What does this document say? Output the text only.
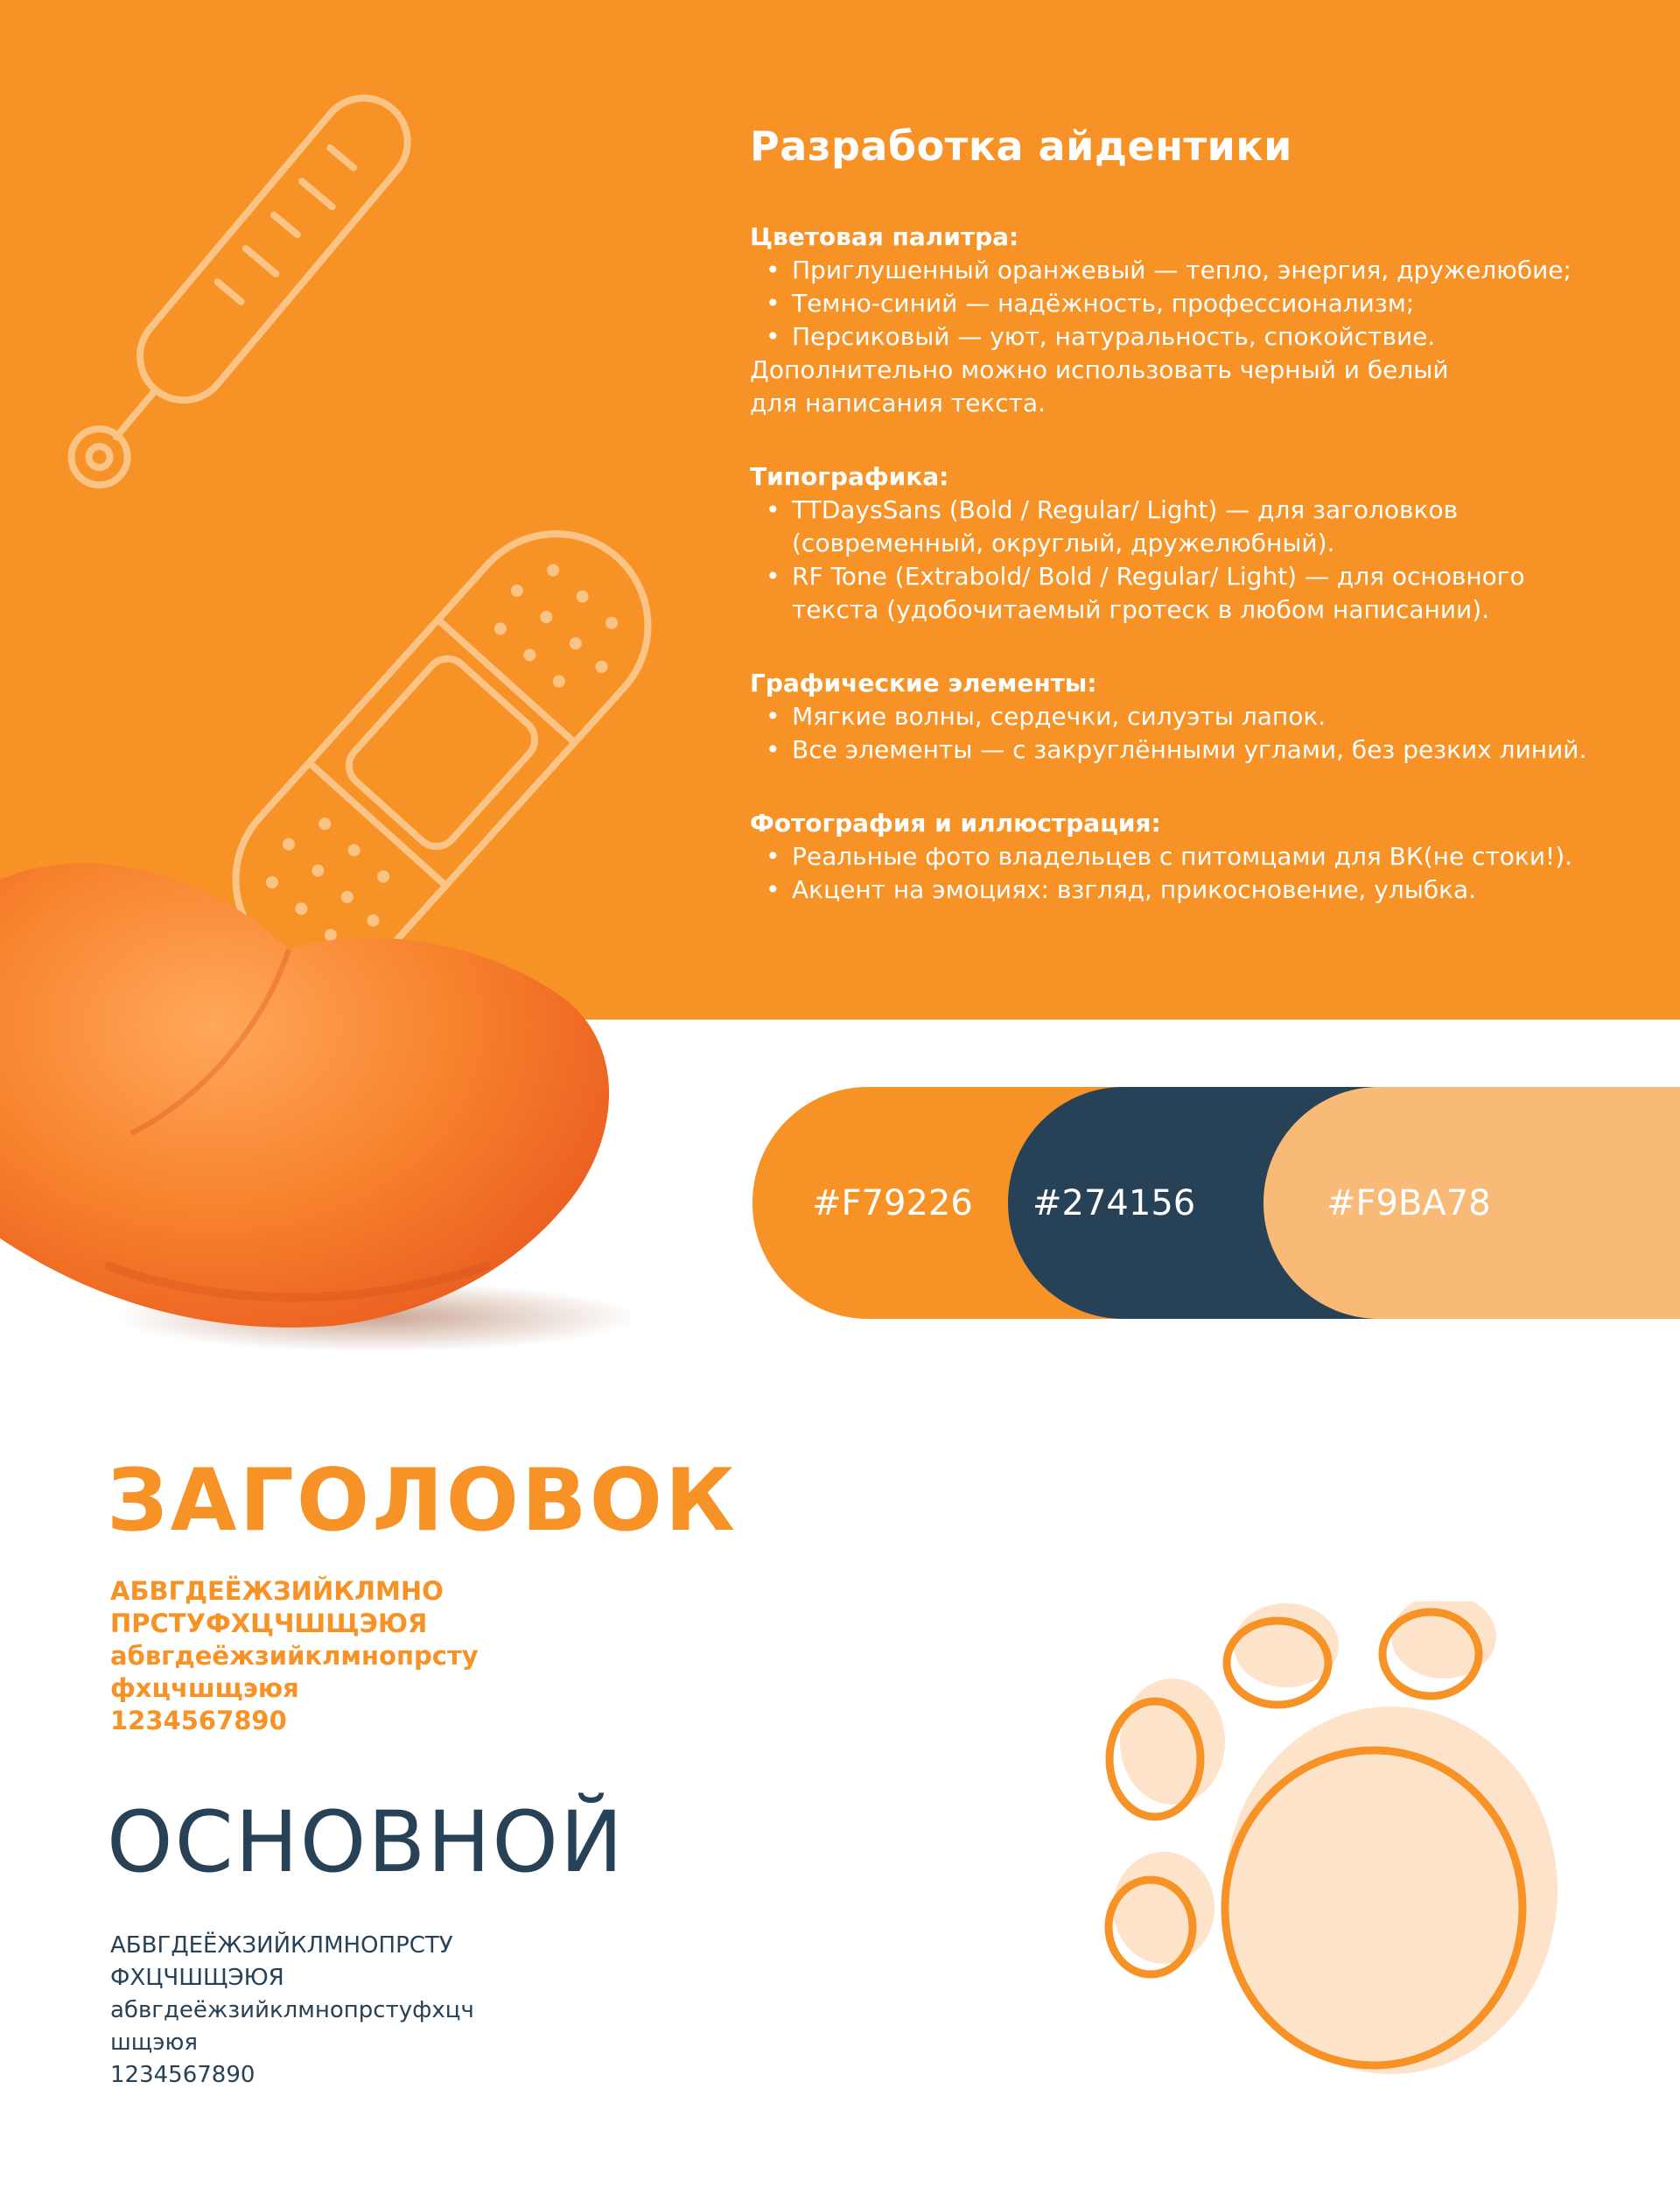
Разработка айдентики
Цветовая палитра:
• Приглушенный оранжевый — тепло, энергия, дружелюбие;
• Темно-синий — надёжность, профессионализм;
• Персиковый — уют, натуральность, спокойствие.
Дополнительно можно использовать черный и белый
для написания текста.
Типографика:
• TTDaysSans (Bold / Regular/ Light) — для заголовков
(современный, округлый, дружелюбный).
• RF Tone (Extrabold/ Bold / Regular/ Light) — для основного
текста (удобочитаемый гротеск в любом написании).
Графические элементы:
• Мягкие волны, сердечки, силуэты лапок.
• Все элементы — с закруглёнными углами, без резких линий.
Фотография и иллюстрация:
• Реальные фото владельцев с питомцами для ВК(не стоки!).
• Акцент на эмоциях: взгляд, прикосновение, улыбка.
#F79226 #274156	#F9BA78
ЗАГОЛОВОК
АБВГДЕЁЖЗИЙКЛМНО
ПРСТУФХЦЧШЩЭЮЯ
абвгдеёжзийклмнопрсту
фхцчшщэюя
1234567890
ОСНОВНОЙ
АБВГДЕЁЖЗИЙКЛМНОПРСТУ
ФХЦЧШЩЭЮЯ
абвгдеёжзийклмнопрстуфхцч
шщэюя
1234567890
